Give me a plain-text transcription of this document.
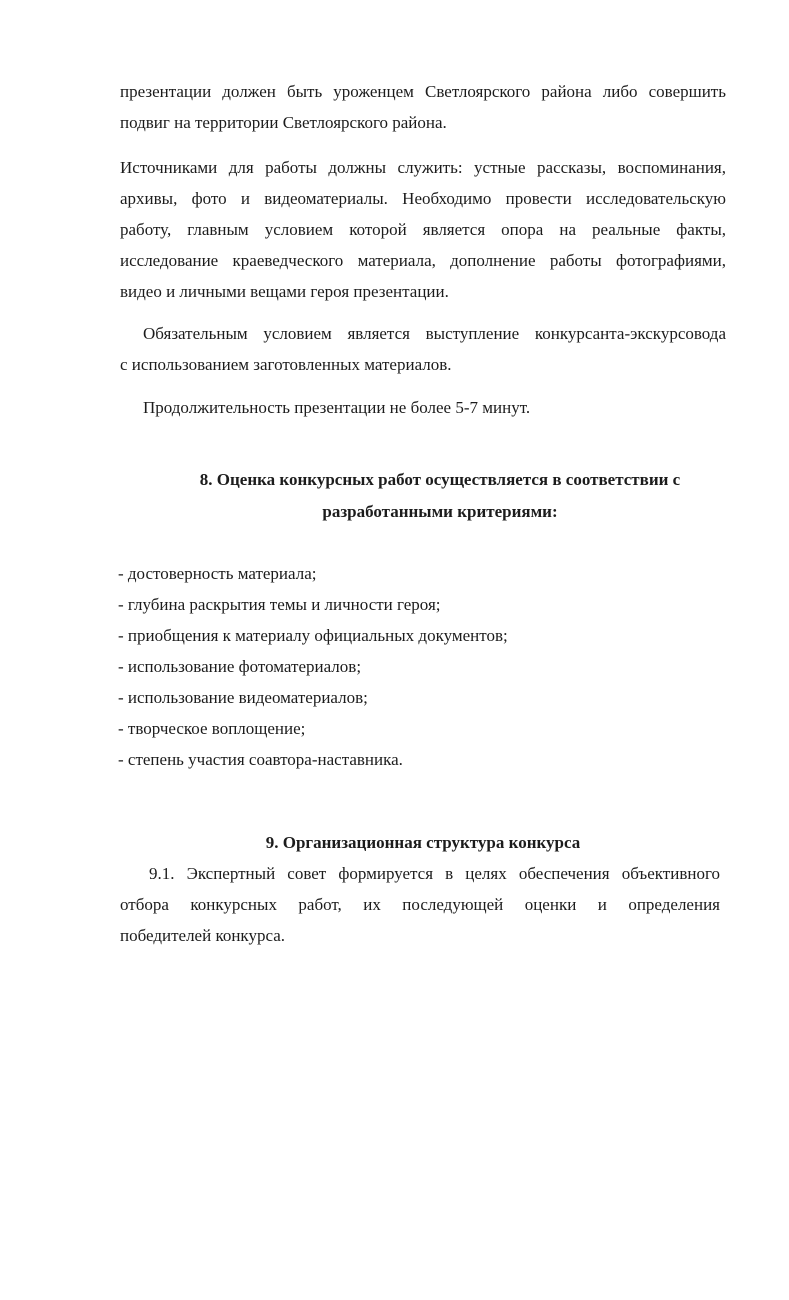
презентации должен быть уроженцем Светлоярского района либо совершить
подвиг на территории Светлоярского района.

Источниками для работы должны служить: устные рассказы, воспоминания,
архивы, фото и видеоматериалы. Необходимо провести исследовательскую
работу, главным условием которой является опора на реальные факты,
исследование краеведческого материала, дополнение работы фотографиями,
видео и личными вещами героя презентации.

Обязательным условием является выступление конкурсанта-экскурсовода
с использованием заготовленных материалов.

Продолжительность презентации не более 5-7 минут.

8. Оценка конкурсных работ осуществляется в соответствии с
разработанными критериями:
- достоверность материала;
- глубина раскрытия темы и личности героя;
- приобщения к материалу официальных документов;
- использование фотоматериалов;
- использование видеоматериалов;
- творческое воплощение;
- степень участия соавтора-наставника.
9. Организационная структура конкурса

9.1. Экспертный совет формируется в целях обеспечения объективного
отбора конкурсных работ, их последующей оценки и определения
победителей конкурса.
